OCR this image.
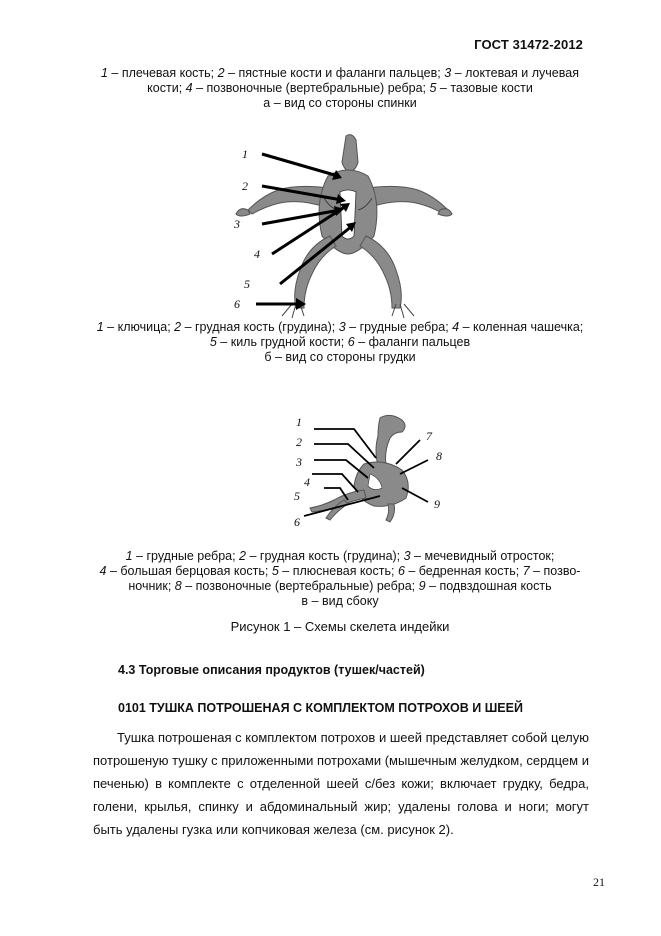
ГОСТ 31472-2012
1 – плечевая кость; 2 – пястные кости и фаланги пальцев; 3 – локтевая и лучевая
кости; 4 – позвоночные (вертебральные) ребра; 5 – тазовые кости
а – вид со стороны спинки
1
2
3
4
5
6
1 – ключица; 2 – грудная кость (грудина); 3 – грудные ребра; 4 – коленная чашечка;
5 – киль грудной кости; 6 – фаланги пальцев
б – вид со стороны грудки
1
2
3
4
5
6
7
8
9
1 – грудные ребра; 2 – грудная кость (грудина); 3 – мечевидный отросток;
4 – большая берцовая кость; 5 – плюсневая кость; 6 – бедренная кость; 7 – позво-
ночник; 8 – позвоночные (вертебральные) ребра; 9 – подвздошная кость
в – вид сбоку
Рисунок 1 – Схемы скелета индейки
4.3 Торговые описания продуктов (тушек/частей)
0101 ТУШКА ПОТРОШЕНАЯ С КОМПЛЕКТОМ ПОТРОХОВ И ШЕЕЙ
Тушка потрошеная с комплектом потрохов и шеей представляет собой целую потрошеную тушку с приложенными потрохами (мышечным желудком, сердцем и печенью) в комплекте с отделенной шеей с/без кожи; включает грудку, бедра, голени, крылья, спинку и абдоминальный жир; удалены голова и ноги; могут быть удалены гузка или копчиковая железа (см. рисунок 2).
21
